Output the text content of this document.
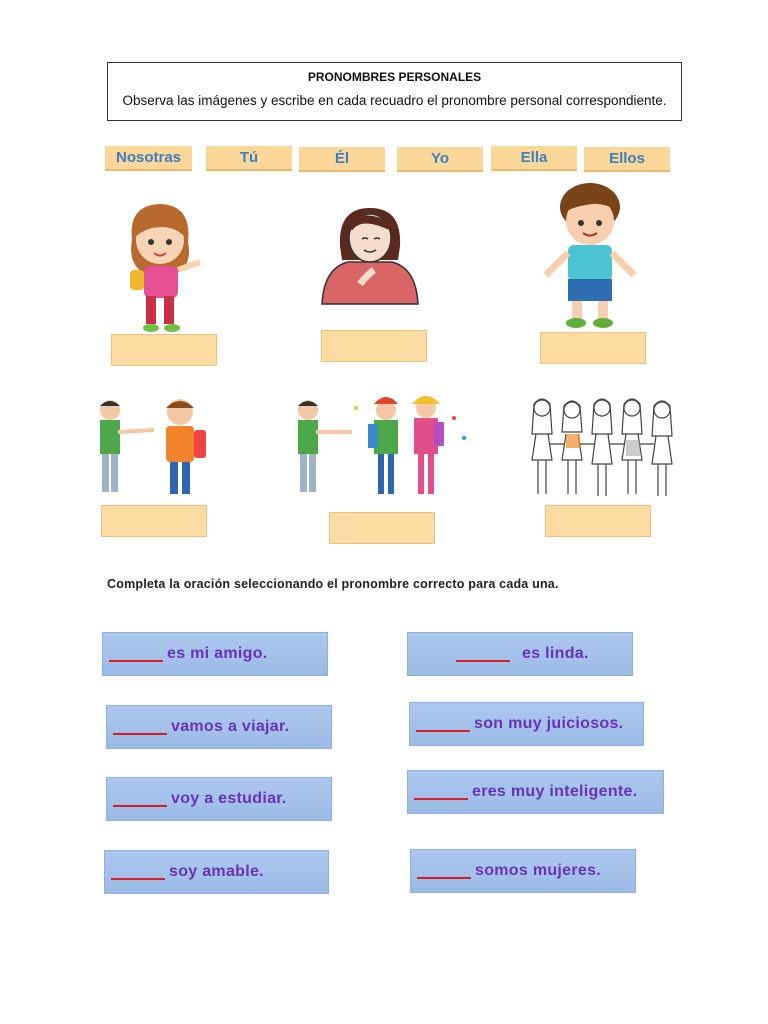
PRONOMBRES PERSONALES
Observa las imágenes y escribe en cada recuadro el pronombre personal correspondiente.
Nosotras	Tú	Él	Yo	Ella	Ellos
Completa la oración seleccionando el pronombre correcto para cada una.
es mi amigo.	es linda.
vamos a viajar.	son muy juiciosos.
voy a estudiar.	eres muy inteligente.
soy amable.	somos mujeres.
